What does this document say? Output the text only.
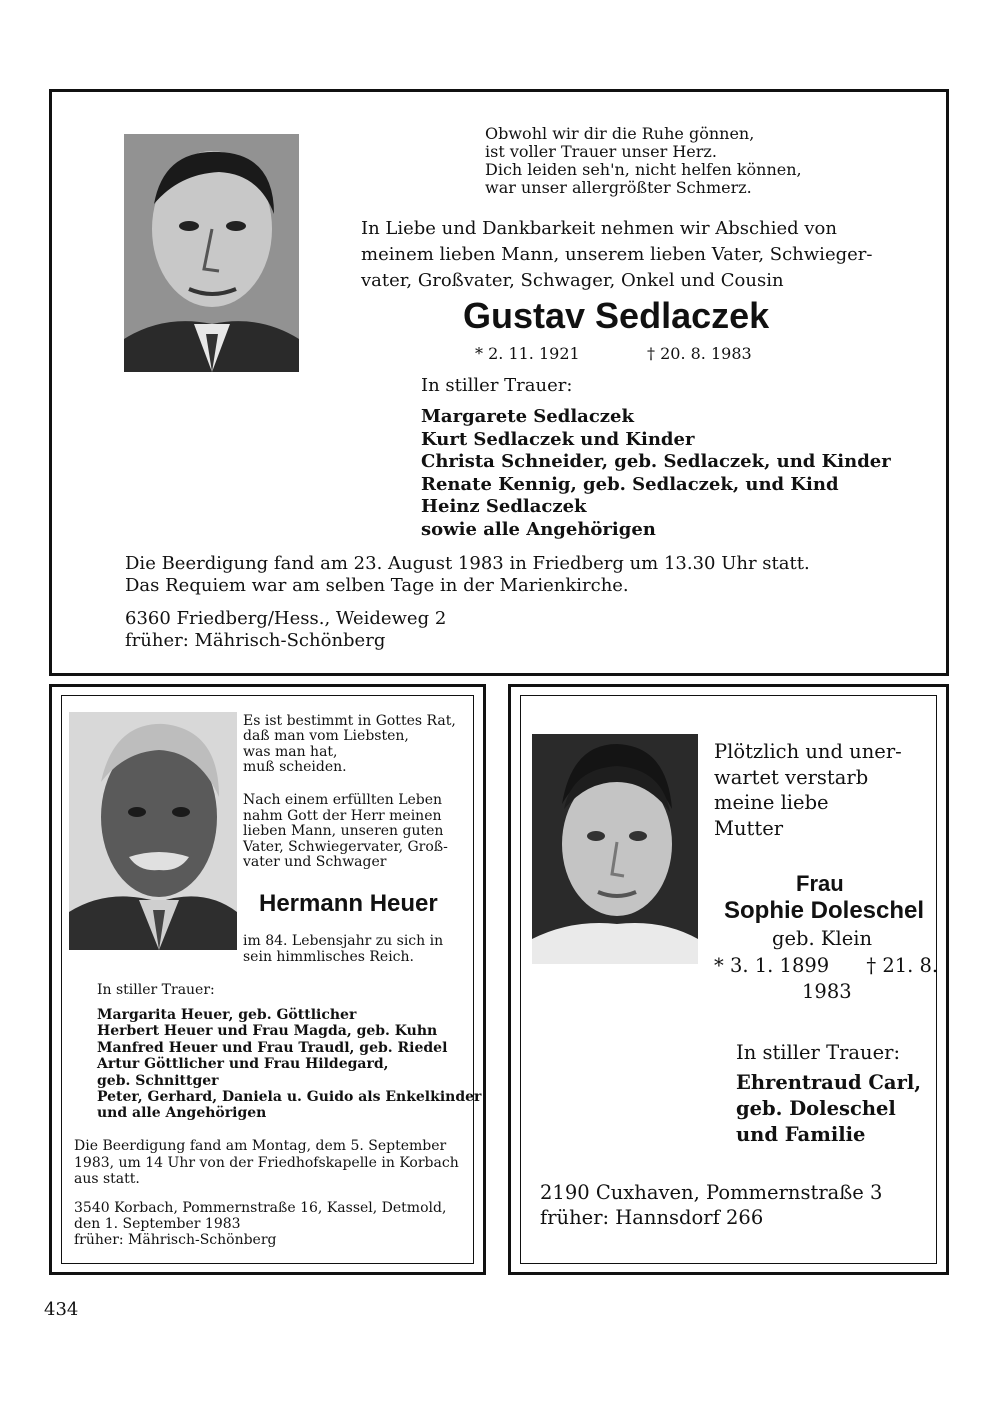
Obwohl wir dir die Ruhe gönnen,
ist voller Trauer unser Herz.
Dich leiden seh'n, nicht helfen können,
war unser allergrößter Schmerz.
In Liebe und Dankbarkeit nehmen wir Abschied von
meinem lieben Mann, unserem lieben Vater, Schwieger-
vater, Großvater, Schwager, Onkel und Cousin
Gustav Sedlaczek
* 2. 11. 1921	† 20. 8. 1983
In stiller Trauer:
Margarete Sedlaczek
Kurt Sedlaczek und Kinder
Christa Schneider, geb. Sedlaczek, und Kinder
Renate Kennig, geb. Sedlaczek, und Kind
Heinz Sedlaczek
sowie alle Angehörigen
Die Beerdigung fand am 23. August 1983 in Friedberg um 13.30 Uhr statt.
Das Requiem war am selben Tage in der Marienkirche.
6360 Friedberg/Hess., Weideweg 2
früher: Mährisch-Schönberg
Es ist bestimmt in Gottes Rat,
daß man vom Liebsten,
was man hat,
muß scheiden.
Nach einem erfüllten Leben
nahm Gott der Herr meinen
lieben Mann, unseren guten
Vater, Schwiegervater, Groß-
vater und Schwager
Hermann Heuer
im 84. Lebensjahr zu sich in
sein himmlisches Reich.
In stiller Trauer:
Margarita Heuer, geb. Göttlicher
Herbert Heuer und Frau Magda, geb. Kuhn
Manfred Heuer und Frau Traudl, geb. Riedel
Artur Göttlicher und Frau Hildegard,
geb. Schnittger
Peter, Gerhard, Daniela u. Guido als Enkelkinder
und alle Angehörigen
Die Beerdigung fand am Montag, dem 5. September
1983, um 14 Uhr von der Friedhofskapelle in Korbach
aus statt.
3540 Korbach, Pommernstraße 16, Kassel, Detmold,
den 1. September 1983
früher: Mährisch-Schönberg
Plötzlich und uner-
wartet verstarb
meine liebe
Mutter
Frau
Sophie Doleschel
geb. Klein
* 3. 1. 1899      † 21. 8.
1983
In stiller Trauer:
Ehrentraud Carl,
geb. Doleschel
und Familie
2190 Cuxhaven, Pommernstraße 3
früher: Hannsdorf 266
434
